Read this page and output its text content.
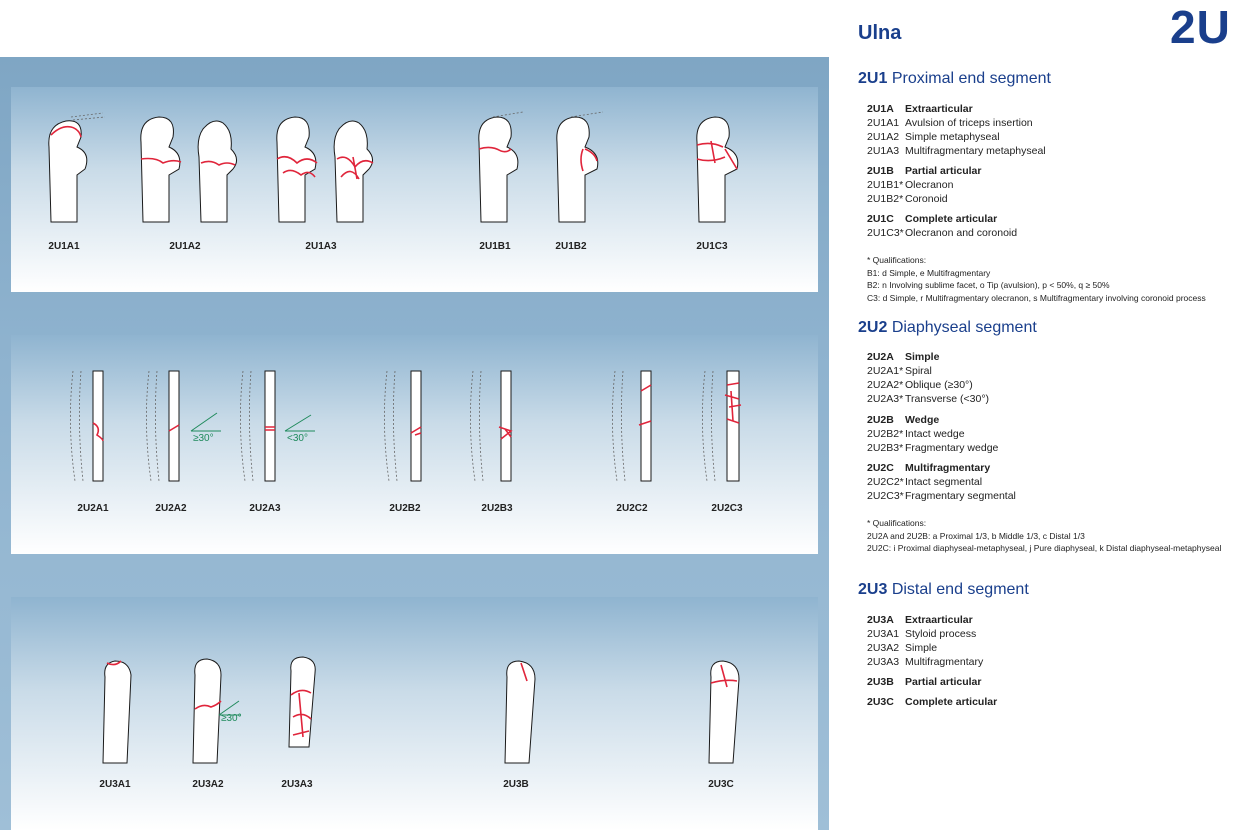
2U1A1	2U1A2	2U1A3	2U1B1	2U1B2	2U1C3
≥30°	<30°
2U2A1	2U2A2	2U2A3	2U2B2	2U2B3	2U2C2	2U2C3
≥30°
2U3A1	2U3A2	2U3A3	2U3B	2U3C
Ulna	2U
2U1 Proximal end segment
2U1A Extraarticular
2U1A1 Avulsion of triceps insertion
2U1A2 Simple metaphyseal
2U1A3 Multifragmentary metaphyseal
2U1B Partial articular
2U1B1* Olecranon
2U1B2* Coronoid
2U1C Complete articular
2U1C3*Olecranon and coronoid
* Qualifications:
B1: d Simple, e Multifragmentary
B2: n Involving sublime facet, o Tip (avulsion), p < 50%, q ≥ 50%
C3: d Simple, r Multifragmentary olecranon, s Multifragmentary involving coronoid process
2U2 Diaphyseal segment
2U2A Simple
2U2A1* Spiral
2U2A2* Oblique (≥30°)
2U2A3* Transverse (<30°)
2U2B Wedge
2U2B2* Intact wedge
2U2B3* Fragmentary wedge
2U2C Multifragmentary
2U2C2*Intact segmental
2U2C3*Fragmentary segmental
* Qualifications:
2U2A and 2U2B: a Proximal 1/3, b Middle 1/3, c Distal 1/3
2U2C: i Proximal diaphyseal-metaphyseal, j Pure diaphyseal, k Distal diaphyseal-metaphyseal
2U3 Distal end segment
2U3A Extraarticular
2U3A1 Styloid process
2U3A2 Simple
2U3A3 Multifragmentary
2U3B Partial articular
2U3C Complete articular
